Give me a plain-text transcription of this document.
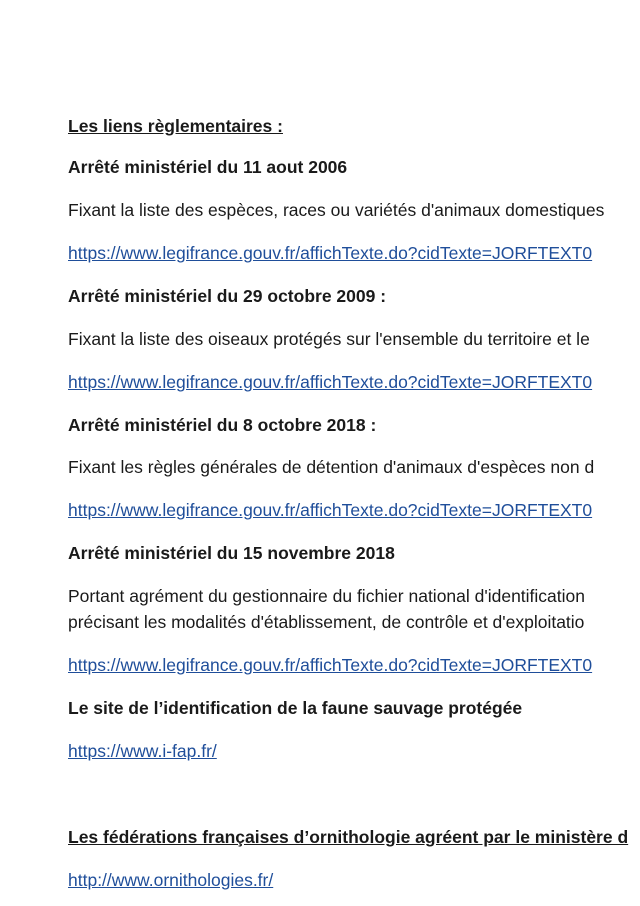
Les liens règlementaires :
Arrêté ministériel du 11 aout 2006
Fixant la liste des espèces, races ou variétés d'animaux domestiques
https://www.legifrance.gouv.fr/affichTexte.do?cidTexte=JORFTEXT0
Arrêté ministériel du 29 octobre 2009 :
Fixant la liste des oiseaux protégés sur l'ensemble du territoire et le
https://www.legifrance.gouv.fr/affichTexte.do?cidTexte=JORFTEXT0
Arrêté ministériel du 8 octobre 2018 :
Fixant les règles générales de détention d'animaux d'espèces non d
https://www.legifrance.gouv.fr/affichTexte.do?cidTexte=JORFTEXT0
Arrêté ministériel du 15 novembre 2018
Portant agrément du gestionnaire du fichier national d'identification
précisant les modalités d'établissement, de contrôle et d'exploitatio
https://www.legifrance.gouv.fr/affichTexte.do?cidTexte=JORFTEXT0
Le site de l’identification de la faune sauvage protégée
https://www.i-fap.fr/
Les fédérations françaises d’ornithologie agréent par le ministère d
http://www.ornithologies.fr/
